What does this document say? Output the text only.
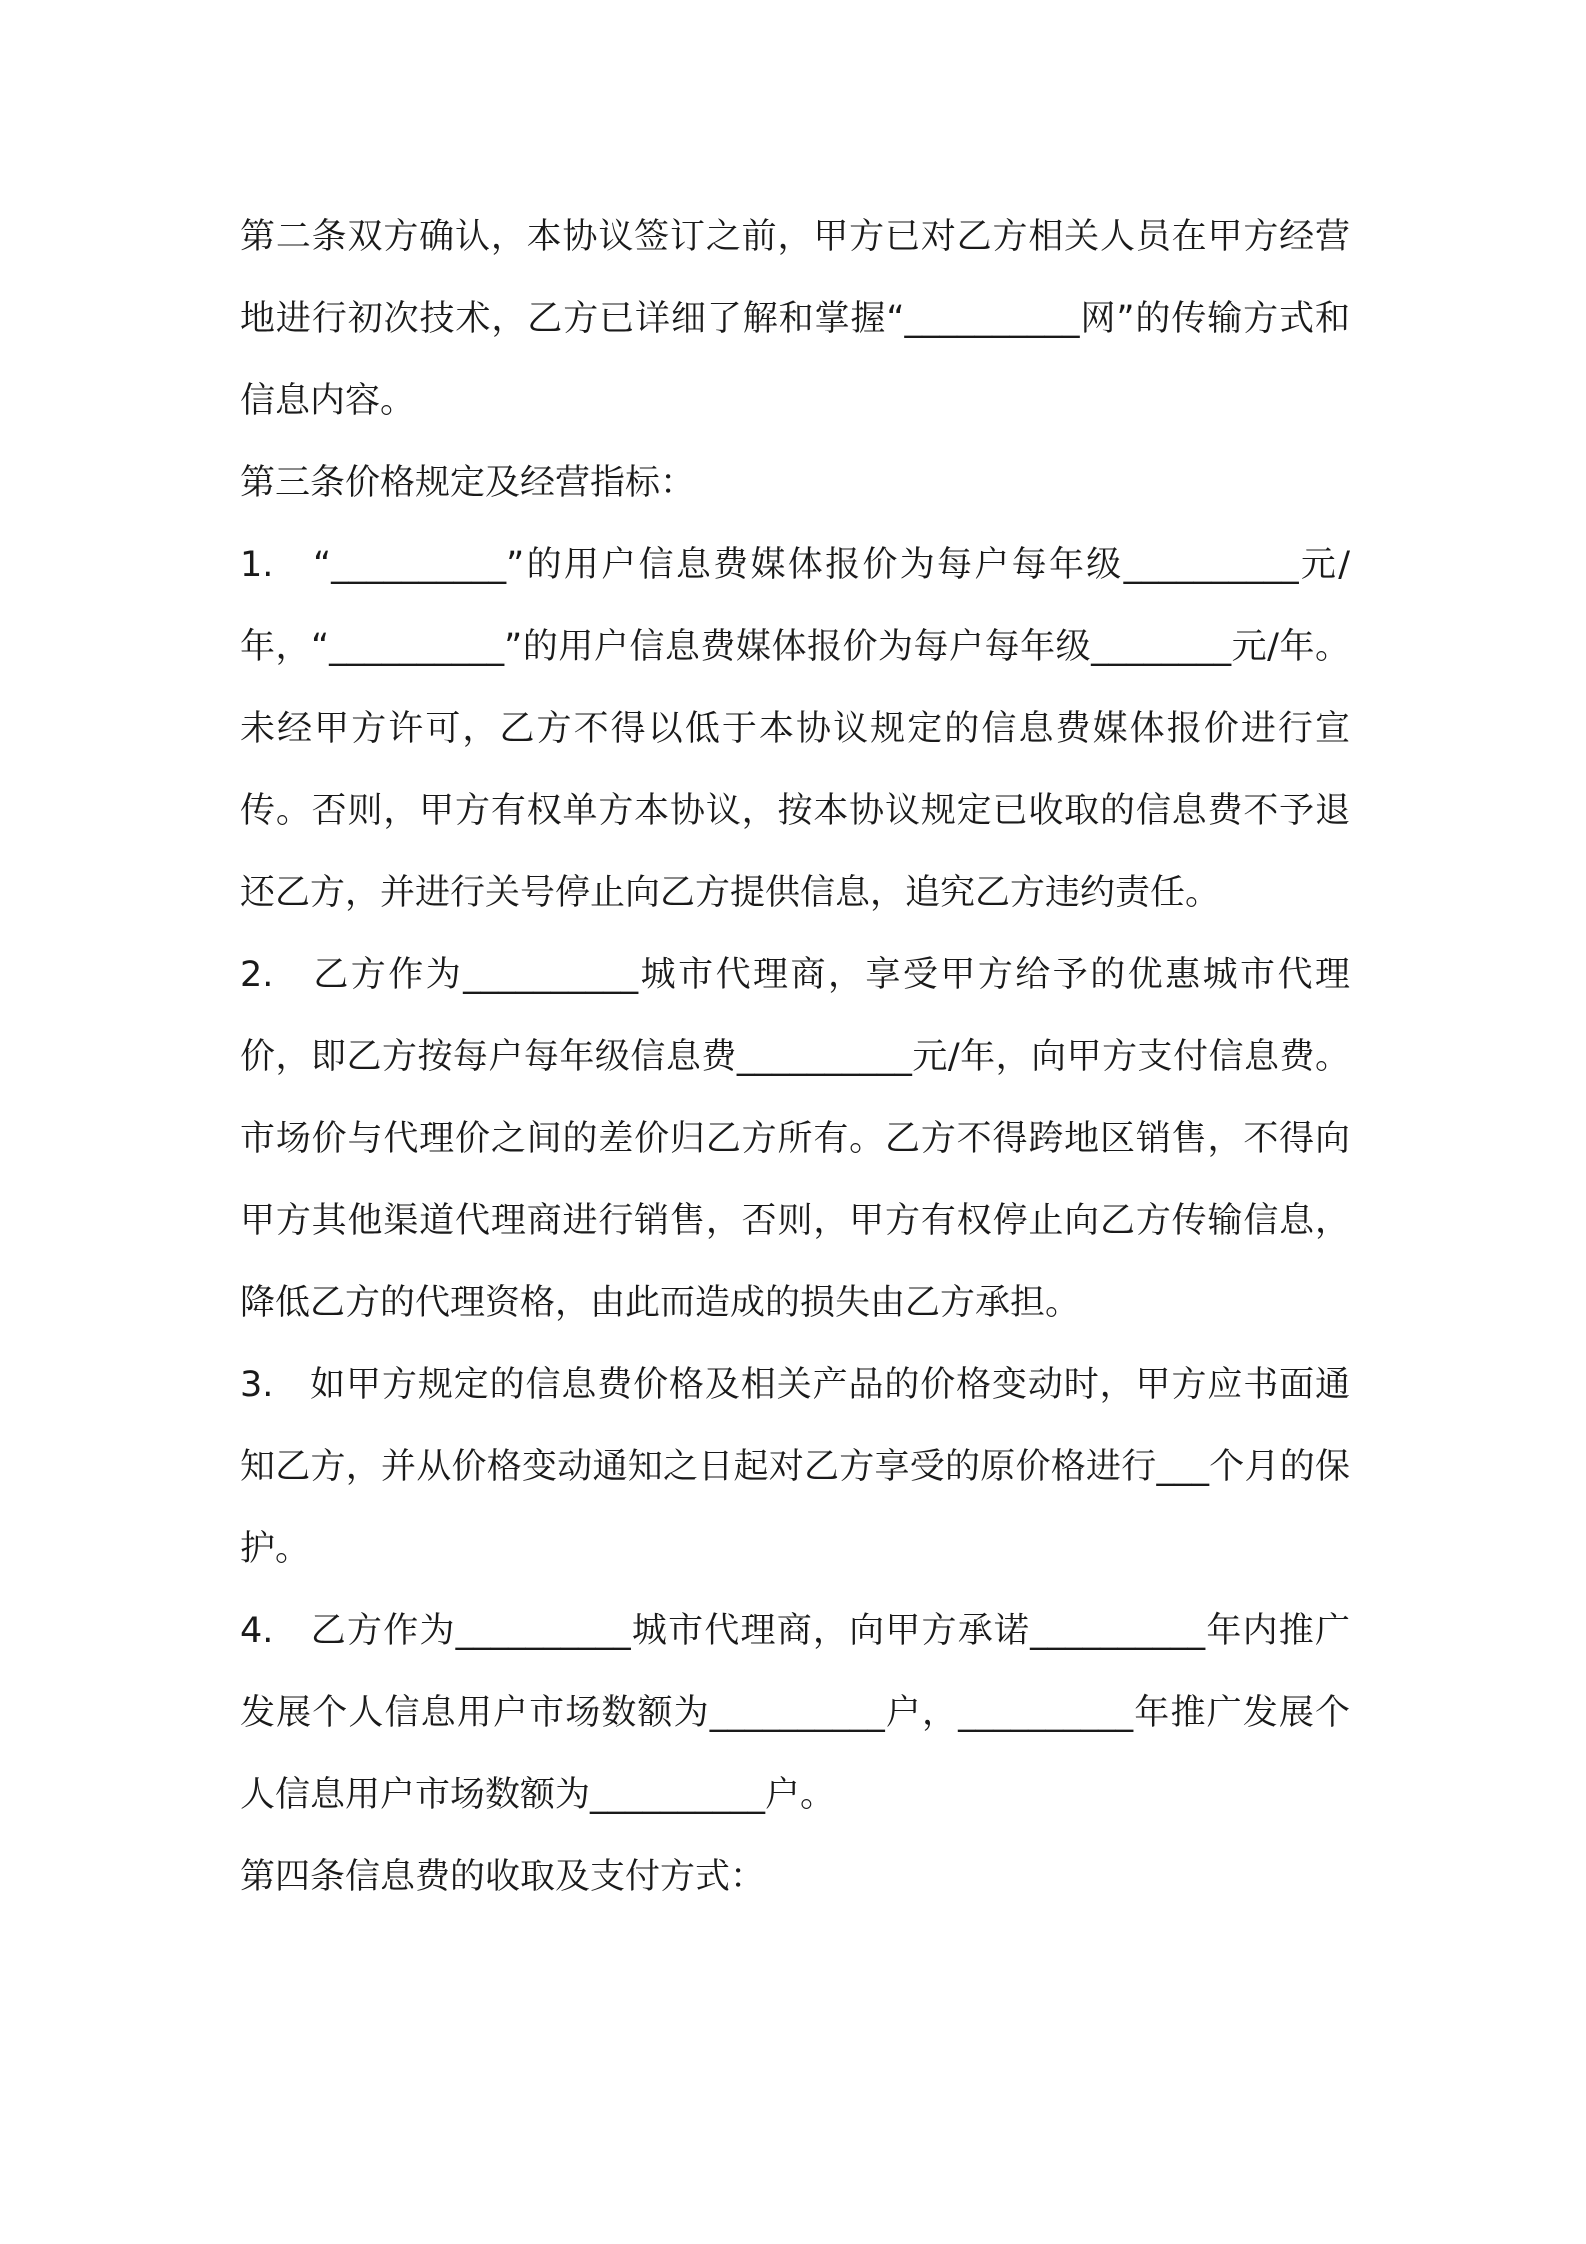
第二条双方确认，本协议签订之前，甲方已对乙方相关人员在甲方经营地进行初次技术，乙方已详细了解和掌握“__________网”的传输方式和信息内容。

第三条价格规定及经营指标：

1.　“__________”的用户信息费媒体报价为每户每年级__________元/年，“__________”的用户信息费媒体报价为每户每年级________元/年。未经甲方许可，乙方不得以低于本协议规定的信息费媒体报价进行宣传。否则，甲方有权单方本协议，按本协议规定已收取的信息费不予退还乙方，并进行关号停止向乙方提供信息，追究乙方违约责任。

2.　乙方作为__________城市代理商，享受甲方给予的优惠城市代理价，即乙方按每户每年级信息费__________元/年，向甲方支付信息费。市场价与代理价之间的差价归乙方所有。乙方不得跨地区销售，不得向甲方其他渠道代理商进行销售，否则，甲方有权停止向乙方传输信息，降低乙方的代理资格，由此而造成的损失由乙方承担。

3.　如甲方规定的信息费价格及相关产品的价格变动时，甲方应书面通知乙方，并从价格变动通知之日起对乙方享受的原价格进行___个月的保护。

4.　乙方作为__________城市代理商，向甲方承诺__________年内推广发展个人信息用户市场数额为__________户，__________年推广发展个人信息用户市场数额为__________户。

第四条信息费的收取及支付方式：
